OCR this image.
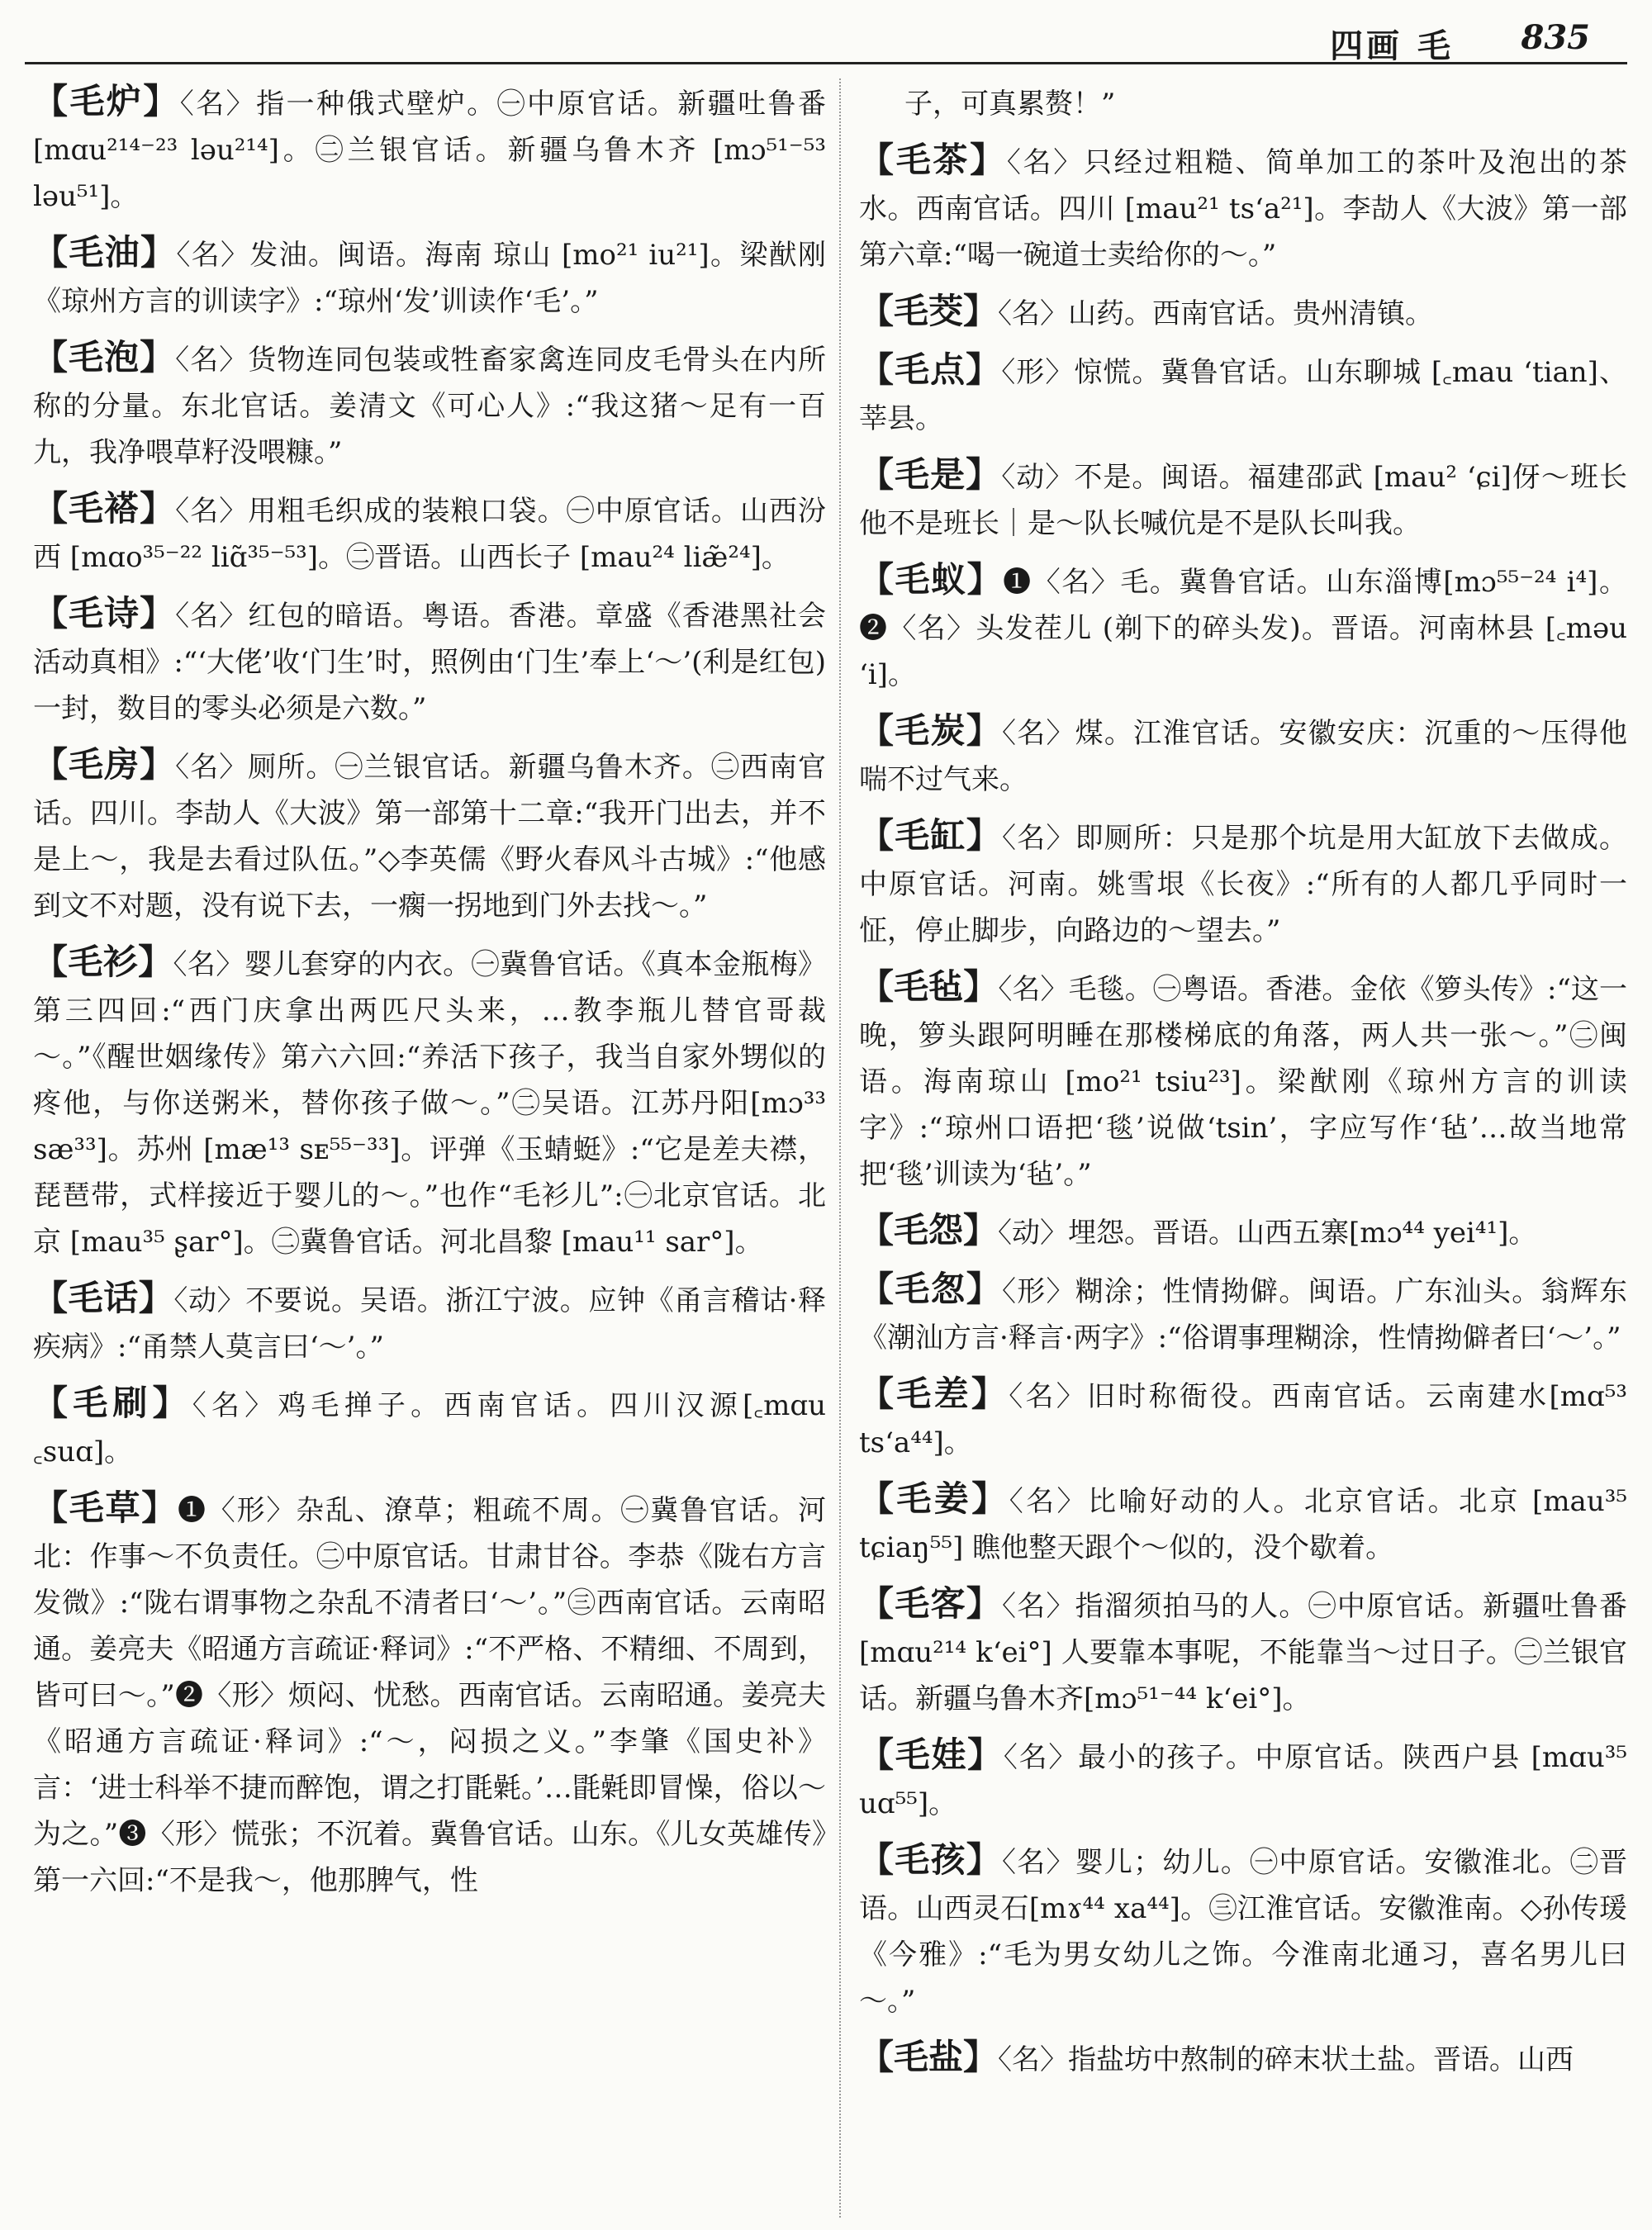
四画 毛 835

【毛炉】〈名〉指一种俄式壁炉。㊀中原官话。新疆吐鲁番 [mɑu²¹⁴⁻²³ ləu²¹⁴]。㊁兰银官话。新疆乌鲁木齐 [mɔ⁵¹⁻⁵³ ləu⁵¹]。

【毛油】〈名〉发油。闽语。海南 琼山 [mo²¹ iu²¹]。梁猷刚《琼州方言的训读字》:“琼州‘发’训读作‘毛’。”

【毛泡】〈名〉货物连同包装或牲畜家禽连同皮毛骨头在内所称的分量。东北官话。姜清文《可心人》:“我这猪～足有一百九，我净喂草籽没喂糠。”

【毛褡】〈名〉用粗毛织成的装粮口袋。㊀中原官话。山西汾西 [mɑo³⁵⁻²² liɑ̃³⁵⁻⁵³]。㊁晋语。山西长子 [mau²⁴ liæ̃²⁴]。

【毛诗】〈名〉红包的暗语。粤语。香港。章盛《香港黑社会活动真相》:“‘大佬’收‘门生’时，照例由‘门生’奉上‘～’(利是红包)一封，数目的零头必须是六数。”

【毛房】〈名〉厕所。㊀兰银官话。新疆乌鲁木齐。㊁西南官话。四川。李劼人《大波》第一部第十二章:“我开门出去，并不是上～，我是去看过队伍。”◇李英儒《野火春风斗古城》:“他感到文不对题，没有说下去，一瘸一拐地到门外去找～。”

【毛衫】〈名〉婴儿套穿的内衣。㊀冀鲁官话。《真本金瓶梅》第三四回:“西门庆拿出两匹尺头来，…教李瓶儿替官哥裁～。”《醒世姻缘传》第六六回:“养活下孩子，我当自家外甥似的疼他，与你送粥米，替你孩子做～。”㊁吴语。江苏丹阳[mɔ³³ sæ³³]。苏州 [mæ¹³ sᴇ⁵⁵⁻³³]。评弹《玉蜻蜓》:“它是差夫襟，琵琶带，式样接近于婴儿的～。”也作“毛衫儿”:㊀北京官话。北京 [mau³⁵ ʂar°]。㊁冀鲁官话。河北昌黎 [mau¹¹ sar°]。

【毛话】〈动〉不要说。吴语。浙江宁波。应钟《甬言稽诂·释疾病》:“甬禁人莫言曰‘～’。”

【毛刷】〈名〉鸡毛掸子。西南官话。四川汉源[꜀mɑu ꜀suɑ]。

【毛草】❶〈形〉杂乱、潦草；粗疏不周。㊀冀鲁官话。河北：作事～不负责任。㊁中原官话。甘肃甘谷。李恭《陇右方言发微》:“陇右谓事物之杂乱不清者曰‘～’。”㊂西南官话。云南昭通。姜亮夫《昭通方言疏证·释词》:“不严格、不精细、不周到，皆可曰～。”❷〈形〉烦闷、忧愁。西南官话。云南昭通。姜亮夫《昭通方言疏证·释词》:“～，闷损之义。”李肇《国史补》言：‘进士科举不捷而醉饱，谓之打毷氉。’…毷氉即冒懆，俗以～为之。”❸〈形〉慌张；不沉着。冀鲁官话。山东。《儿女英雄传》第一六回:“不是我～，他那脾气，性

子，可真累赘！”

【毛茶】〈名〉只经过粗糙、简单加工的茶叶及泡出的茶水。西南官话。四川 [mau²¹ ts‘a²¹]。李劼人《大波》第一部第六章:“喝一碗道士卖给你的～。”

【毛茭】〈名〉山药。西南官话。贵州清镇。

【毛点】〈形〉惊慌。冀鲁官话。山东聊城 [꜀mau ‘tian]、莘县。

【毛是】〈动〉不是。闽语。福建邵武 [mau² ‘ɕi]伢～班长他不是班长｜是～队长喊伉是不是队长叫我。

【毛蚁】❶〈名〉毛。冀鲁官话。山东淄博[mɔ⁵⁵⁻²⁴ i⁴]。❷〈名〉头发茬儿 (剃下的碎头发)。晋语。河南林县 [꜀məu ‘i]。

【毛炭】〈名〉煤。江淮官话。安徽安庆：沉重的～压得他喘不过气来。

【毛缸】〈名〉即厕所：只是那个坑是用大缸放下去做成。中原官话。河南。姚雪垠《长夜》:“所有的人都几乎同时一怔，停止脚步，向路边的～望去。”

【毛毡】〈名〉毛毯。㊀粤语。香港。金依《箩头传》:“这一晚，箩头跟阿明睡在那楼梯底的角落，两人共一张～。”㊁闽语。海南琼山 [mo²¹ tsiu²³]。梁猷刚《琼州方言的训读字》:“琼州口语把‘毯’说做‘tsin’，字应写作‘毡’…故当地常把‘毯’训读为‘毡’。”

【毛怨】〈动〉埋怨。晋语。山西五寨[mɔ⁴⁴ yei⁴¹]。

【毛怱】〈形〉糊涂；性情拗僻。闽语。广东汕头。翁辉东《潮汕方言·释言·两字》:“俗谓事理糊涂，性情拗僻者曰‘～’。”

【毛差】〈名〉旧时称衙役。西南官话。云南建水[mɑ⁵³ ts‘a⁴⁴]。

【毛姜】〈名〉比喻好动的人。北京官话。北京 [mau³⁵ tɕiaŋ⁵⁵] 瞧他整天跟个～似的，没个歇着。

【毛客】〈名〉指溜须拍马的人。㊀中原官话。新疆吐鲁番 [mɑu²¹⁴ k‘ei°] 人要靠本事呢，不能靠当～过日子。㊁兰银官话。新疆乌鲁木齐[mɔ⁵¹⁻⁴⁴ k‘ei°]。

【毛娃】〈名〉最小的孩子。中原官话。陕西户县 [mɑu³⁵ uɑ⁵⁵]。

【毛孩】〈名〉婴儿；幼儿。㊀中原官话。安徽淮北。㊁晋语。山西灵石[mɤ⁴⁴ xa⁴⁴]。㊂江淮官话。安徽淮南。◇孙传瑗《今雅》:“毛为男女幼儿之饰。今淮南北通习，喜名男儿曰～。”

【毛盐】〈名〉指盐坊中熬制的碎末状土盐。晋语。山西
